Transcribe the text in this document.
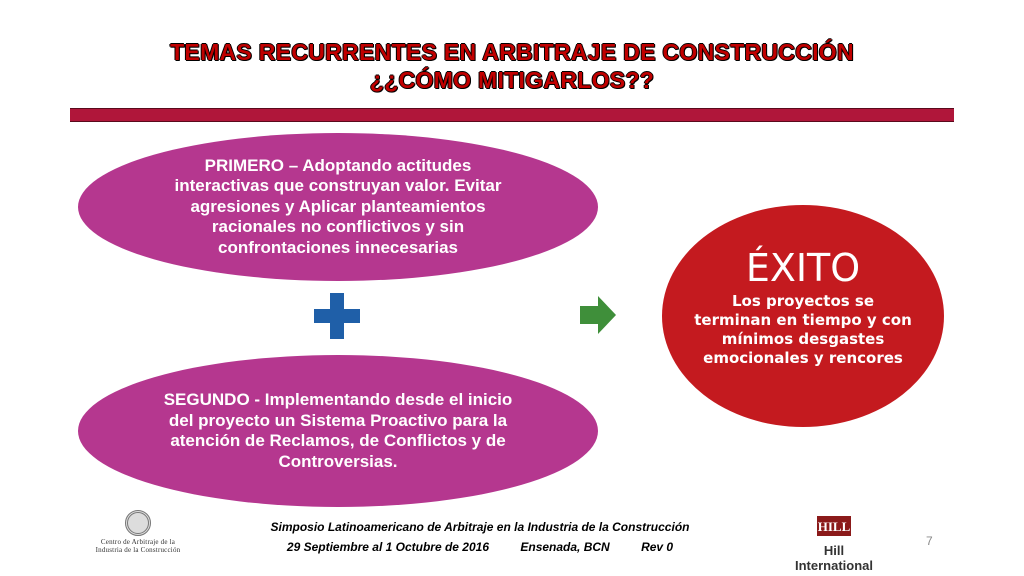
TEMAS RECURRENTES EN ARBITRAJE DE CONSTRUCCIÓN
¿¿CÓMO MITIGARLOS??
PRIMERO – Adoptando actitudes interactivas que construyan valor. Evitar agresiones y Aplicar planteamientos racionales no conflictivos y sin confrontaciones innecesarias
SEGUNDO - Implementando desde el inicio del proyecto un Sistema Proactivo para la atención de Reclamos, de Conflictos y de Controversias.
ÉXITO
Los proyectos se terminan en tiempo y con mínimos desgastes emocionales y rencores
Centro de Arbitraje de la Industria de la Construcción
Simposio Latinoamericano de Arbitraje en la Industria de la Construcción
29 Septiembre al 1 Octubre de 2016	Ensenada, BCN	Rev 0
HILL
Hill International
7
